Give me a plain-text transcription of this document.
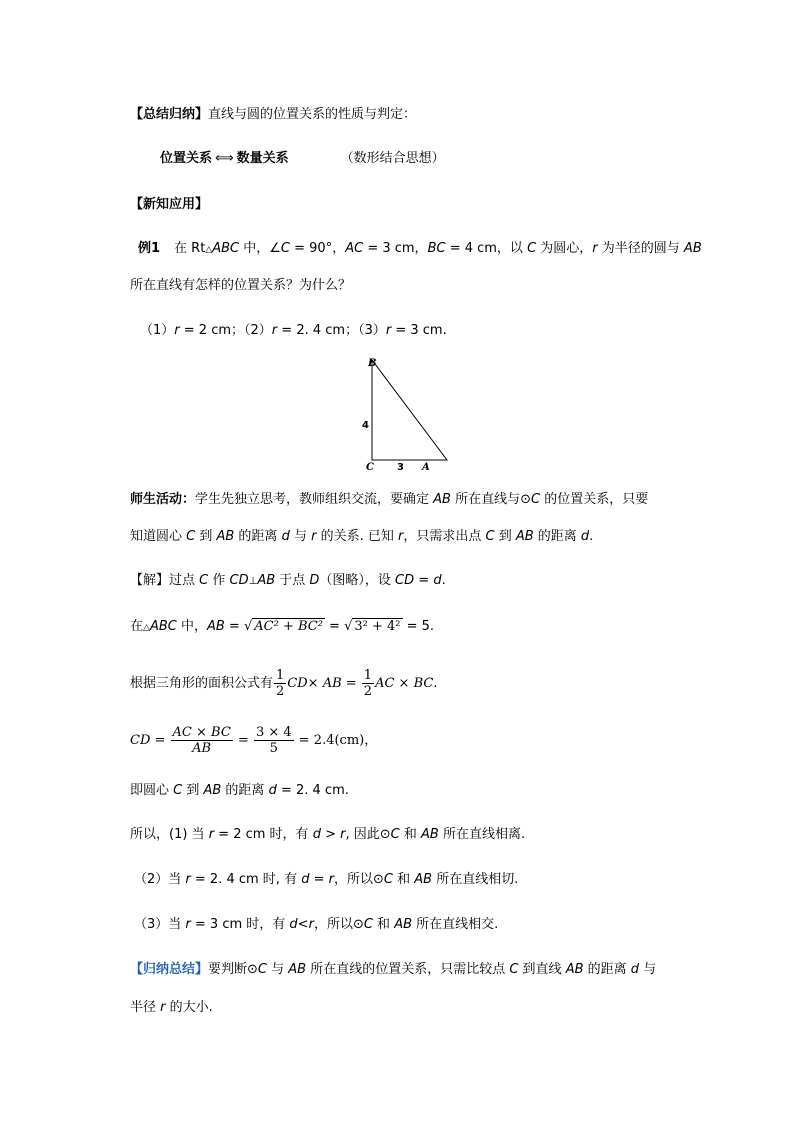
【总结归纳】直线与圆的位置关系的性质与判定：
位置关系 ⟺ 数量关系	（数形结合思想）
【新知应用】
例1 在 Rt△ABC 中，∠C = 90°，AC = 3 cm，BC = 4 cm，以 C 为圆心，r 为半径的圆与 AB
所在直线有怎样的位置关系？为什么？
（1）r = 2 cm；（2）r = 2. 4 cm；（3）r = 3 cm.
B
C	A
4
3
师生活动：学生先独立思考，教师组织交流，要确定 AB 所在直线与⊙C 的位置关系，只要
知道圆心 C 到 AB 的距离 d 与 r 的关系. 已知 r，只需求出点 C 到 AB 的距离 d.
【解】过点 C 作 CD⊥AB 于点 D（图略），设 CD = d.
在△ABC 中，AB = √ AC² + BC² = √ 3² + 4² = 5.
根据三角形的面积公式有 $\frac{1}{2} CD\times$ AB = $\frac{1}{2}$ AC × BC.
CD = $\frac{AC \times BC}{AB} = \frac{3 \times 4}{5} = 2.4(cm)$，
即圆心 C 到 AB 的距离 d = 2. 4 cm.
所以，(1) 当 r = 2 cm 时，有 d > r, 因此⊙C 和 AB 所在直线相离.
（2）当 r = 2. 4 cm 时, 有 d = r，所以⊙C 和 AB 所在直线相切.
（3）当 r = 3 cm 时，有 d<r，所以⊙C 和 AB 所在直线相交.
【归纳总结】要判断⊙C 与 AB 所在直线的位置关系，只需比较点 C 到直线 AB 的距离 d 与
半径 r 的大小.
